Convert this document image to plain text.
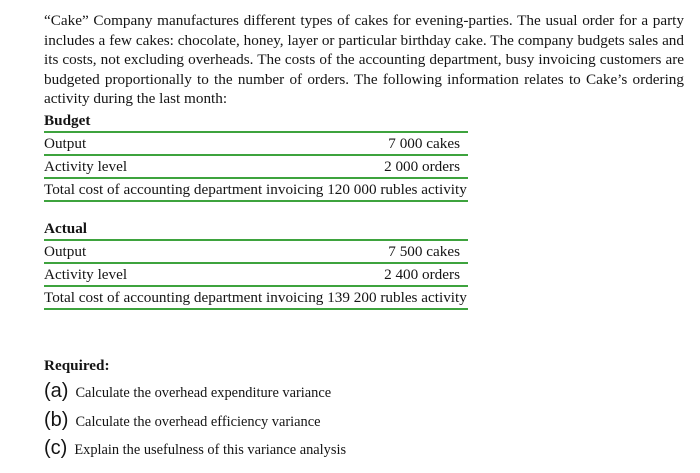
“Cake” Company manufactures different types of cakes for evening-parties. The usual order for a party includes a few cakes: chocolate, honey, layer or particular birthday cake. The company budgets sales and its costs, not excluding overheads. The costs of the accounting department, busy invoicing customers are budgeted proportionally to the number of orders. The following information relates to Cake’s ordering activity during the last month:

Budget
Output	7 000 cakes
Activity level	2 000 orders
Total cost of accounting department invoicing 120 000 rubles activity
Actual
Output	7 500 cakes
Activity level	2 400 orders
Total cost of accounting department invoicing 139 200 rubles activity

Required:

(a) Calculate the overhead expenditure variance
(b) Calculate the overhead efficiency variance
(c) Explain the usefulness of this variance analysis
